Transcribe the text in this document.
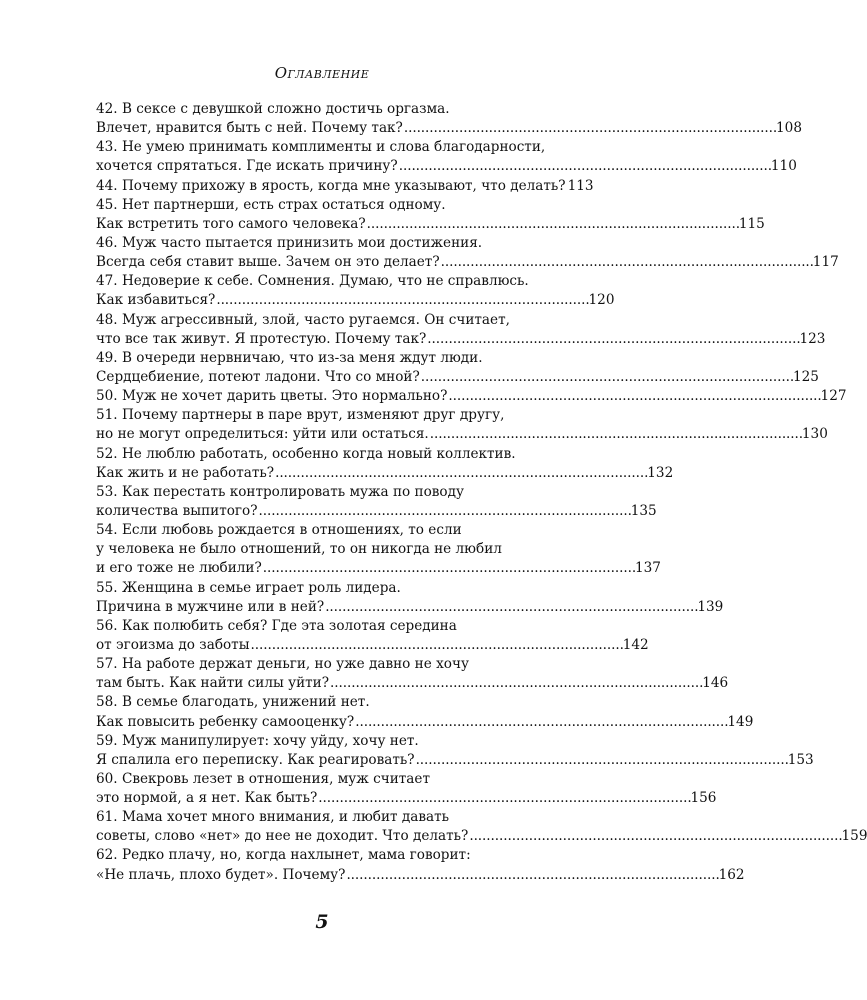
Оглавление
42. В сексе с девушкой сложно достичь оргазма.
Влечет, нравится быть с ней. Почему так? . . .	108
43. Не умею принимать комплименты и слова благодарности,
хочется спрятаться. Где искать причину? . . .	110
44. Почему прихожу в ярость, когда мне указывают, что делать? 113
45. Нет партнерши, есть страх остаться одному.
Как встретить того самого человека? . . .	115
46. Муж часто пытается принизить мои достижения.
Всегда себя ставит выше. Зачем он это делает? . . .	117
47. Недоверие к себе. Сомнения. Думаю, что не справлюсь.
Как избавиться? . . .	120
48. Муж агрессивный, злой, часто ругаемся. Он считает,
что все так живут. Я протестую. Почему так? . . .	123
49. В очереди нервничаю, что из-за меня ждут люди.
Сердцебиение, потеют ладони. Что со мной? . . .	125
50. Муж не хочет дарить цветы. Это нормально? . . .	127
51. Почему партнеры в паре врут, изменяют друг другу,
но не могут определиться: уйти или остаться. . . .	130
52. Не люблю работать, особенно когда новый коллектив.
Как жить и не работать? . . .	132
53. Как перестать контролировать мужа по поводу
количества выпитого? . . .	135
54. Если любовь рождается в отношениях, то если
у человека не было отношений, то он никогда не любил
и его тоже не любили? . . .	137
55. Женщина в семье играет роль лидера.
Причина в мужчине или в ней? . . .	139
56. Как полюбить себя? Где эта золотая середина
от эгоизма до заботы . . .	142
57. На работе держат деньги, но уже давно не хочу
там быть. Как найти силы уйти? . . .	146
58. В семье благодать, унижений нет.
Как повысить ребенку самооценку? . . .	149
59. Муж манипулирует: хочу уйду, хочу нет.
Я спалила его переписку. Как реагировать? . . .	153
60. Свекровь лезет в отношения, муж считает
это нормой, а я нет. Как быть? . . .	156
61. Мама хочет много внимания, и любит давать
советы, слово «нет» до нее не доходит. Что делать? . . .	159
62. Редко плачу, но, когда нахлынет, мама говорит:
«Не плачь, плохо будет». Почему? . . .	162
5
